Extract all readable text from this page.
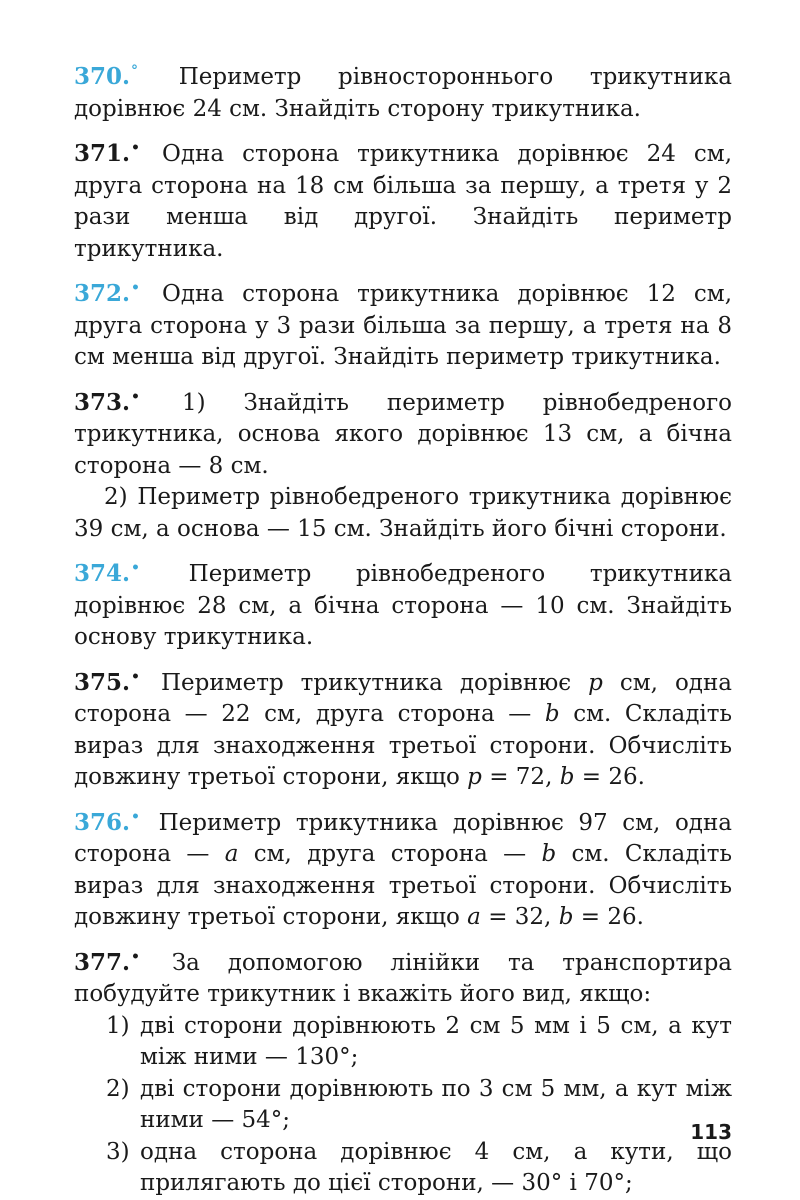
370.° Периметр рівностороннього трикутника дорівнює 24 см. Знайдіть сторону трикутника.
371.• Одна сторона трикутника дорівнює 24 см, друга сторона на 18 см більша за першу, а третя у 2 рази менша від другої. Знайдіть периметр трикутника.
372.• Одна сторона трикутника дорівнює 12 см, друга сторона у 3 рази більша за першу, а третя на 8 см менша від другої. Знайдіть периметр трикутника.
373.• 1) Знайдіть периметр рівнобедреного трикутника, основа якого дорівнює 13 см, а бічна сторона — 8 см.
2) Периметр рівнобедреного трикутника дорівнює 39 см, а основа — 15 см. Знайдіть його бічні сторони.
374.• Периметр рівнобедреного трикутника дорівнює 28 см, а бічна сторона — 10 см. Знайдіть основу трикутника.
375.• Периметр трикутника дорівнює p см, одна сторона — 22 см, друга сторона — b см. Складіть вираз для знаходження третьої сторони. Обчисліть довжину третьої сторони, якщо p = 72, b = 26.
376.• Периметр трикутника дорівнює 97 см, одна сторона — a см, друга сторона — b см. Складіть вираз для знаходження третьої сторони. Обчисліть довжину третьої сторони, якщо a = 32, b = 26.
377.• За допомогою лінійки та транспортира побудуйте трикутник і вкажіть його вид, якщо:
1) дві сторони дорівнюють 2 см 5 мм і 5 см, а кут між ними — 130°;
2) дві сторони дорівнюють по 3 см 5 мм, а кут між ними — 54°;
3) одна сторона дорівнює 4 см, а кути, що прилягають до цієї сторони, — 30° і 70°;
113
